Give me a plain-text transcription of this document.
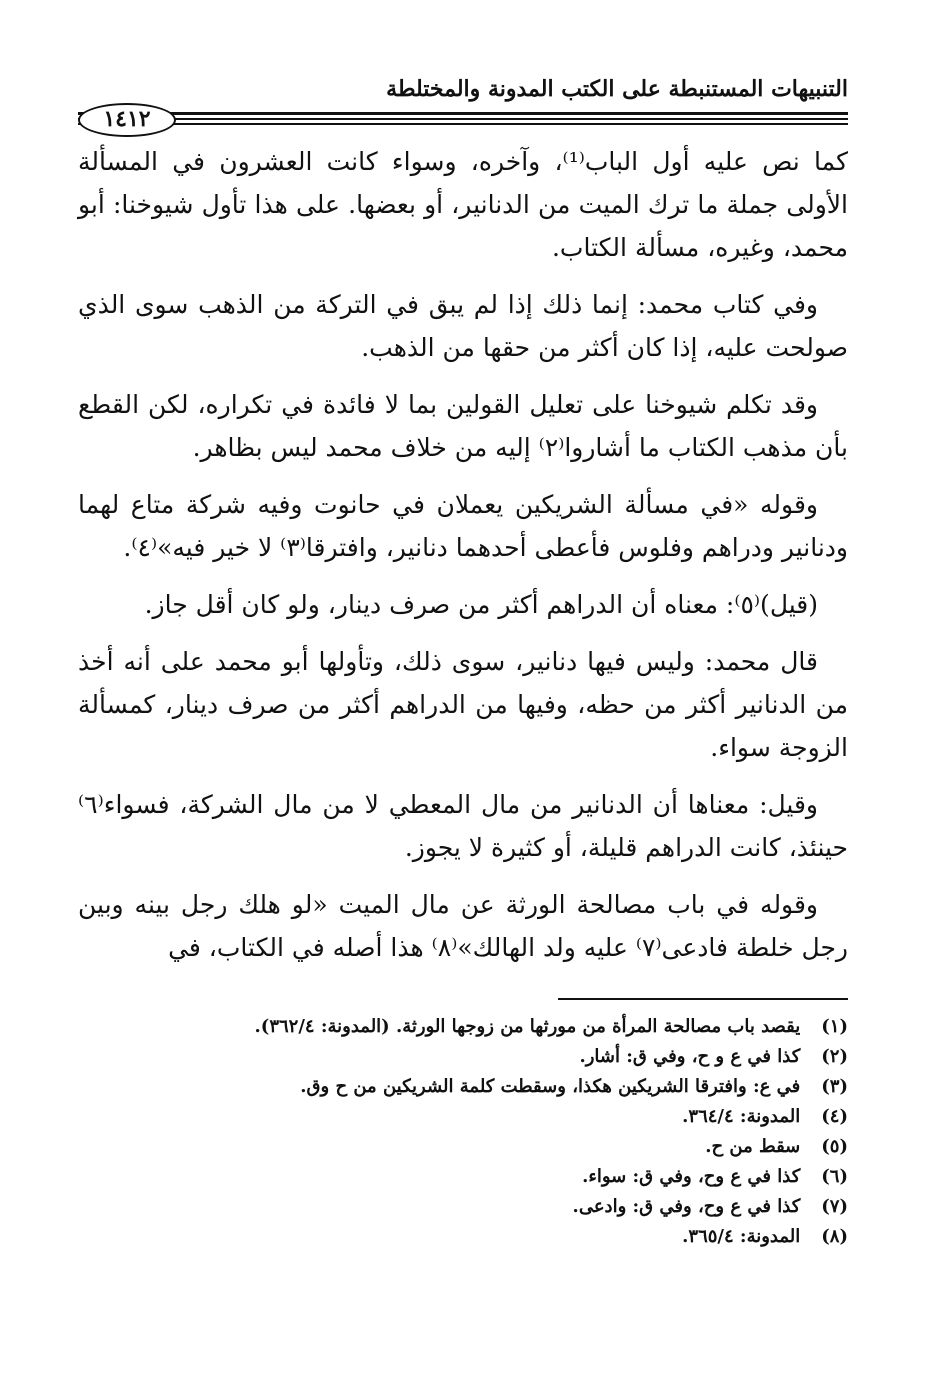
التنبيهات المستنبطة على الكتب المدونة والمختلطة
١٤١٢

كما نص عليه أول الباب⁽¹⁾، وآخره، وسواء كانت العشرون في المسألة الأولى جملة ما ترك الميت من الدنانير، أو بعضها. على هذا تأول شيوخنا: أبو محمد، وغيره، مسألة الكتاب.

وفي كتاب محمد: إنما ذلك إذا لم يبق في التركة من الذهب سوى الذي صولحت عليه، إذا كان أكثر من حقها من الذهب.

وقد تكلم شيوخنا على تعليل القولين بما لا فائدة في تكراره، لكن القطع بأن مذهب الكتاب ما أشاروا⁽٢⁾ إليه من خلاف محمد ليس بظاهر.

وقوله «في مسألة الشريكين يعملان في حانوت وفيه شركة متاع لهما ودنانير ودراهم وفلوس فأعطى أحدهما دنانير، وافترقا⁽٣⁾ لا خير فيه»⁽٤⁾.

(قيل)⁽٥⁾: معناه أن الدراهم أكثر من صرف دينار، ولو كان أقل جاز.

قال محمد: وليس فيها دنانير، سوى ذلك، وتأولها أبو محمد على أنه أخذ من الدنانير أكثر من حظه، وفيها من الدراهم أكثر من صرف دينار، كمسألة الزوجة سواء.

وقيل: معناها أن الدنانير من مال المعطي لا من مال الشركة، فسواء⁽٦⁾ حينئذ، كانت الدراهم قليلة، أو كثيرة لا يجوز.

وقوله في باب مصالحة الورثة عن مال الميت «لو هلك رجل بينه وبين رجل خلطة فادعى⁽٧⁾ عليه ولد الهالك»⁽٨⁾ هذا أصله في الكتاب، في

(١) يقصد باب مصالحة المرأة من مورثها من زوجها الورثة. (المدونة: ٣٦٢/٤).
(٢) كذا في ع و ح، وفي ق: أشار.
(٣) في ع: وافترقا الشريكين هكذا، وسقطت كلمة الشريكين من ح وق.
(٤) المدونة: ٣٦٤/٤.
(٥) سقط من ح.
(٦) كذا في ع وح، وفي ق: سواء.
(٧) كذا في ع وح، وفي ق: وادعى.
(٨) المدونة: ٣٦٥/٤.
